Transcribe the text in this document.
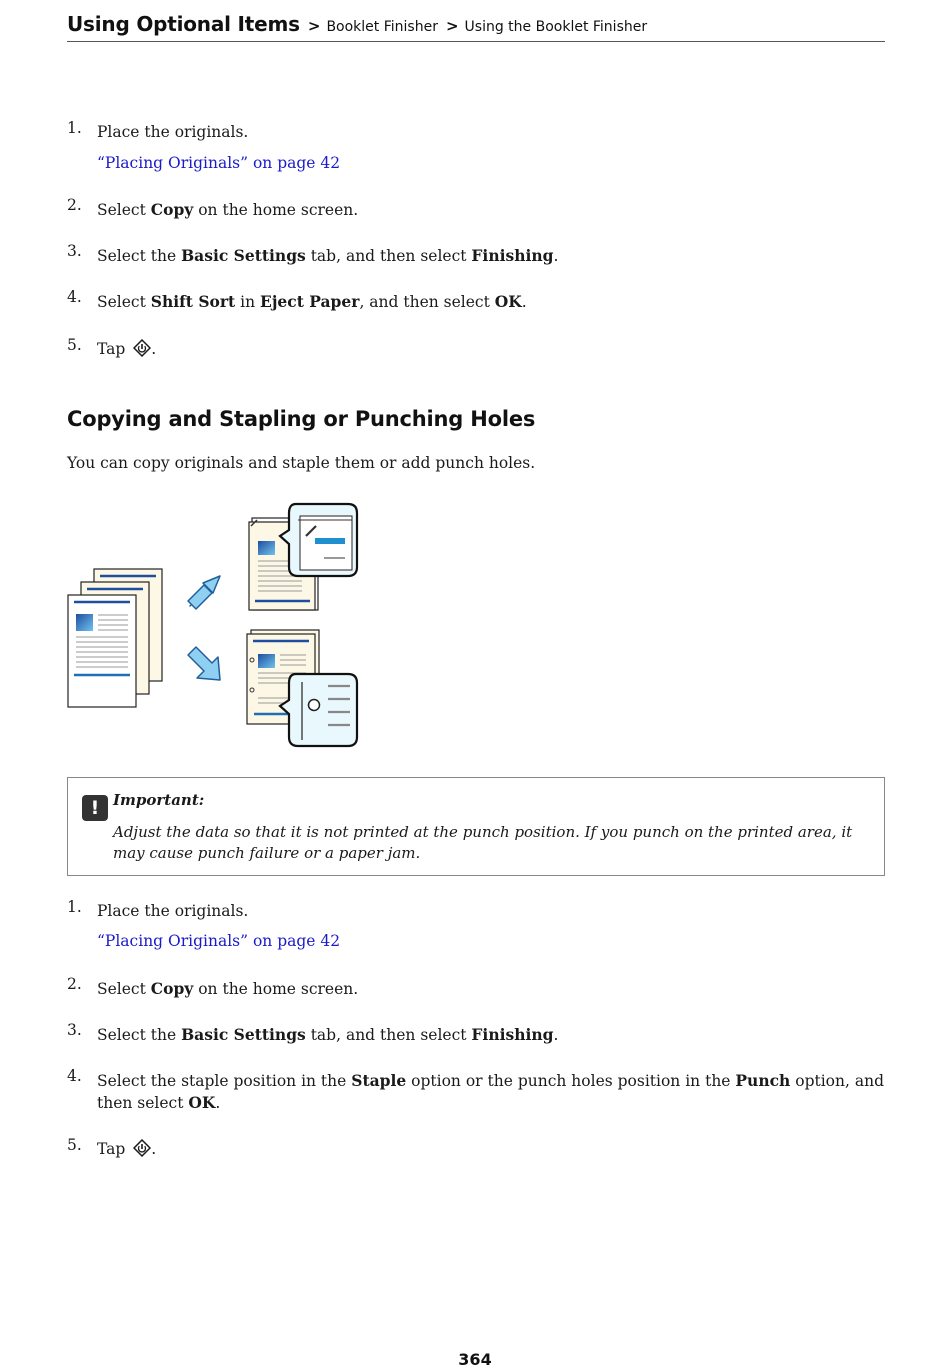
Using Optional Items > Booklet Finisher > Using the Booklet Finisher
1. Place the originals.
“Placing Originals” on page 42
2. Select Copy on the home screen.
3. Select the Basic Settings tab, and then select Finishing.
4. Select Shift Sort in Eject Paper, and then select OK.
5. Tap .
Copying and Stapling or Punching Holes
You can copy originals and staple them or add punch holes.
! Important:
Adjust the data so that it is not printed at the punch position. If you punch on the printed area, it may cause punch failure or a paper jam.
1. Place the originals.
“Placing Originals” on page 42
2. Select Copy on the home screen.
3. Select the Basic Settings tab, and then select Finishing.
4. Select the staple position in the Staple option or the punch holes position in the Punch option, and then select OK.
5. Tap .
364
